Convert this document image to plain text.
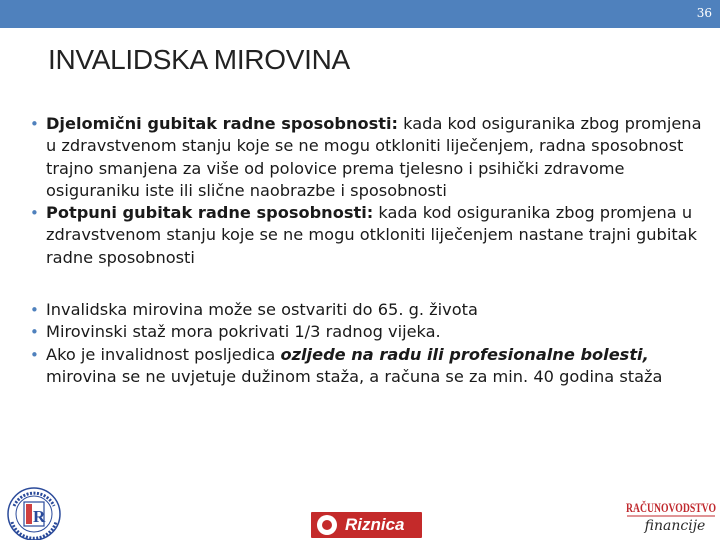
36
INVALIDSKA MIROVINA
• Djelomični gubitak radne sposobnosti: kada kod osiguranika zbog promjena u zdravstvenom stanju koje se ne mogu otkloniti liječenjem, radna sposobnost trajno smanjena za više od polovice prema tjelesno i psihički zdravome osiguraniku iste ili slične naobrazbe i sposobnosti
• Potpuni gubitak radne sposobnosti: kada kod osiguranika zbog promjena u zdravstvenom stanju koje se ne mogu otkloniti liječenjem nastane trajni gubitak radne sposobnosti
• Invalidska mirovina može se ostvariti do 65. g. života
• Mirovinski staž mora pokrivati 1/3 radnog vijeka.
• Ako je invalidnost posljedica ozljede na radu ili profesionalne bolesti, mirovina se ne uvjetuje dužinom staža, a računa se za min. 40 godina staža
R	Riznica
RAČUNOVODSTVO
financije
